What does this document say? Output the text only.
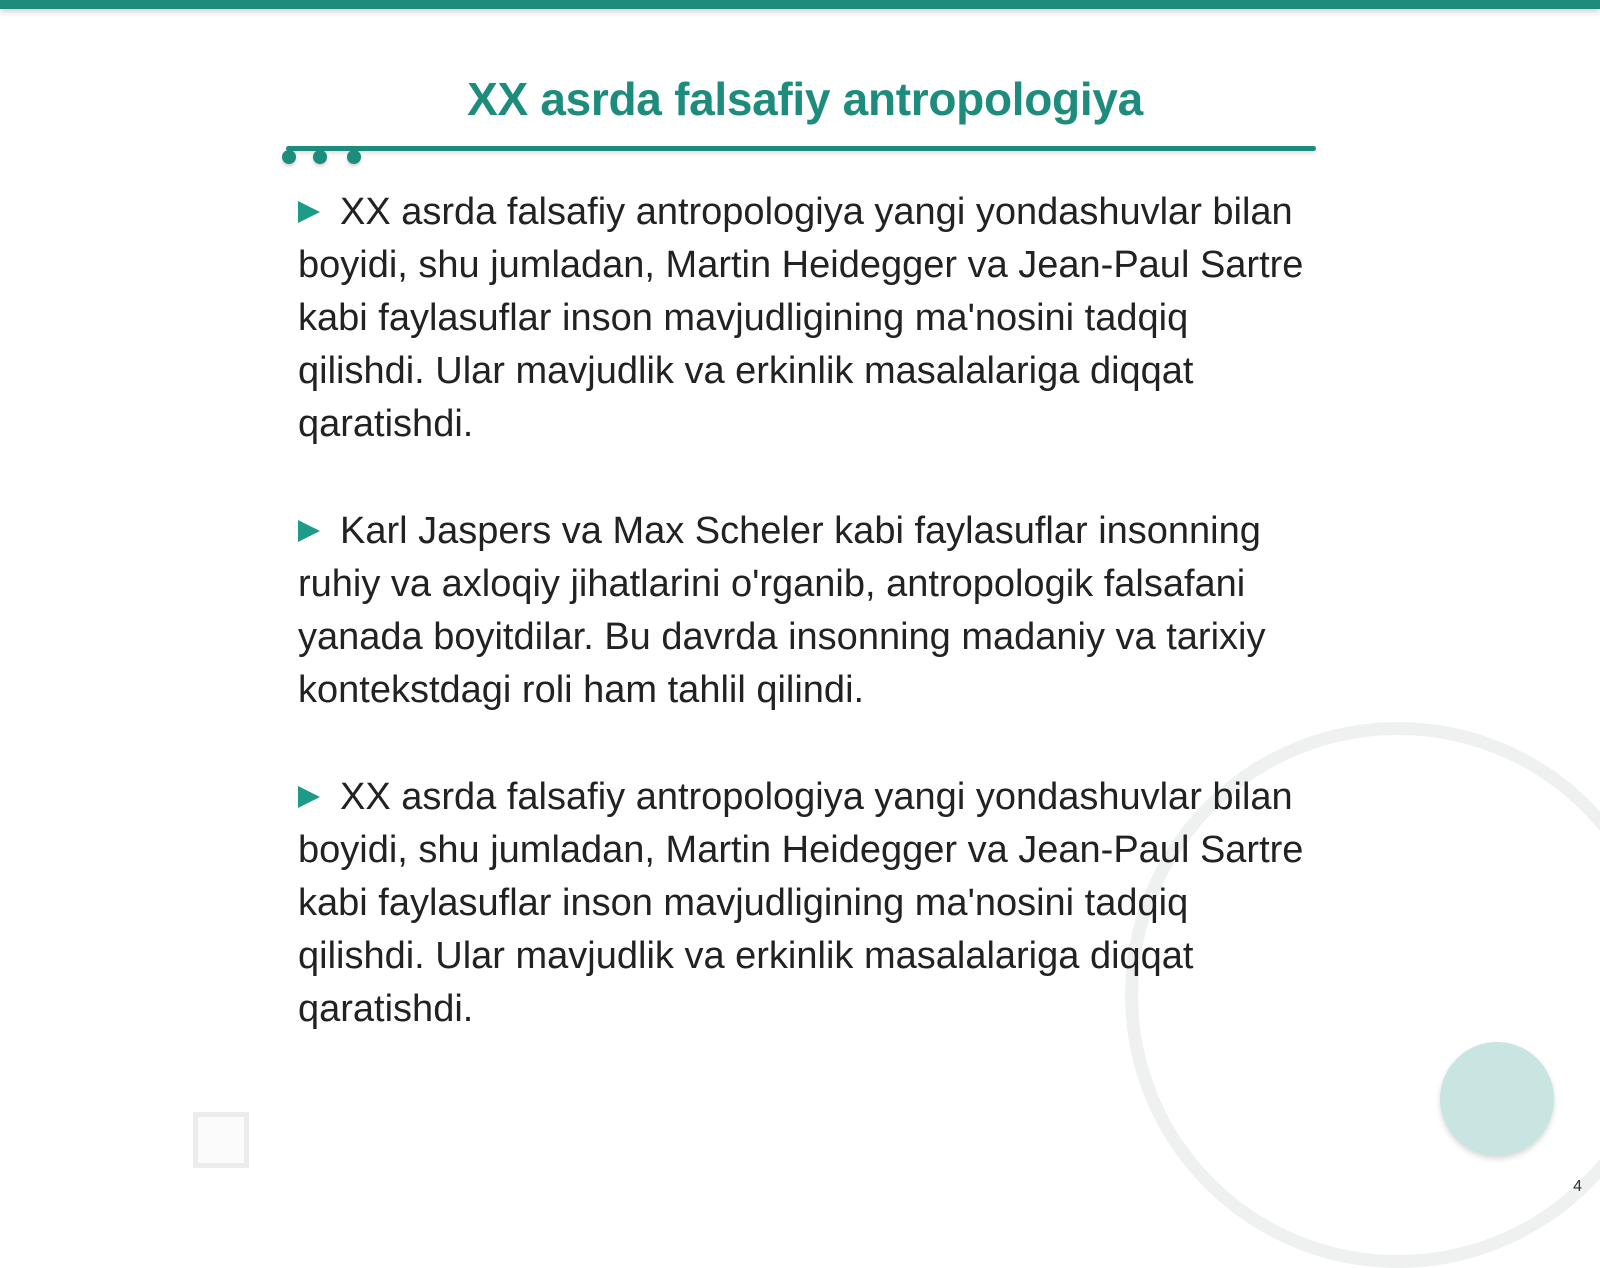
XX asrda falsafiy antropologiya

XX asrda falsafiy antropologiya yangi yondashuvlar bilan boyidi, shu jumladan, Martin Heidegger va Jean-Paul Sartre kabi faylasuflar inson mavjudligining ma'nosini tadqiq qilishdi. Ular mavjudlik va erkinlik masalalariga diqqat qaratishdi.

Karl Jaspers va Max Scheler kabi faylasuflar insonning ruhiy va axloqiy jihatlarini o'rganib, antropologik falsafani yanada boyitdilar. Bu davrda insonning madaniy va tarixiy kontekstdagi roli ham tahlil qilindi.

XX asrda falsafiy antropologiya yangi yondashuvlar bilan boyidi, shu jumladan, Martin Heidegger va Jean-Paul Sartre kabi faylasuflar inson mavjudligining ma'nosini tadqiq qilishdi. Ular mavjudlik va erkinlik masalalariga diqqat qaratishdi.

4
